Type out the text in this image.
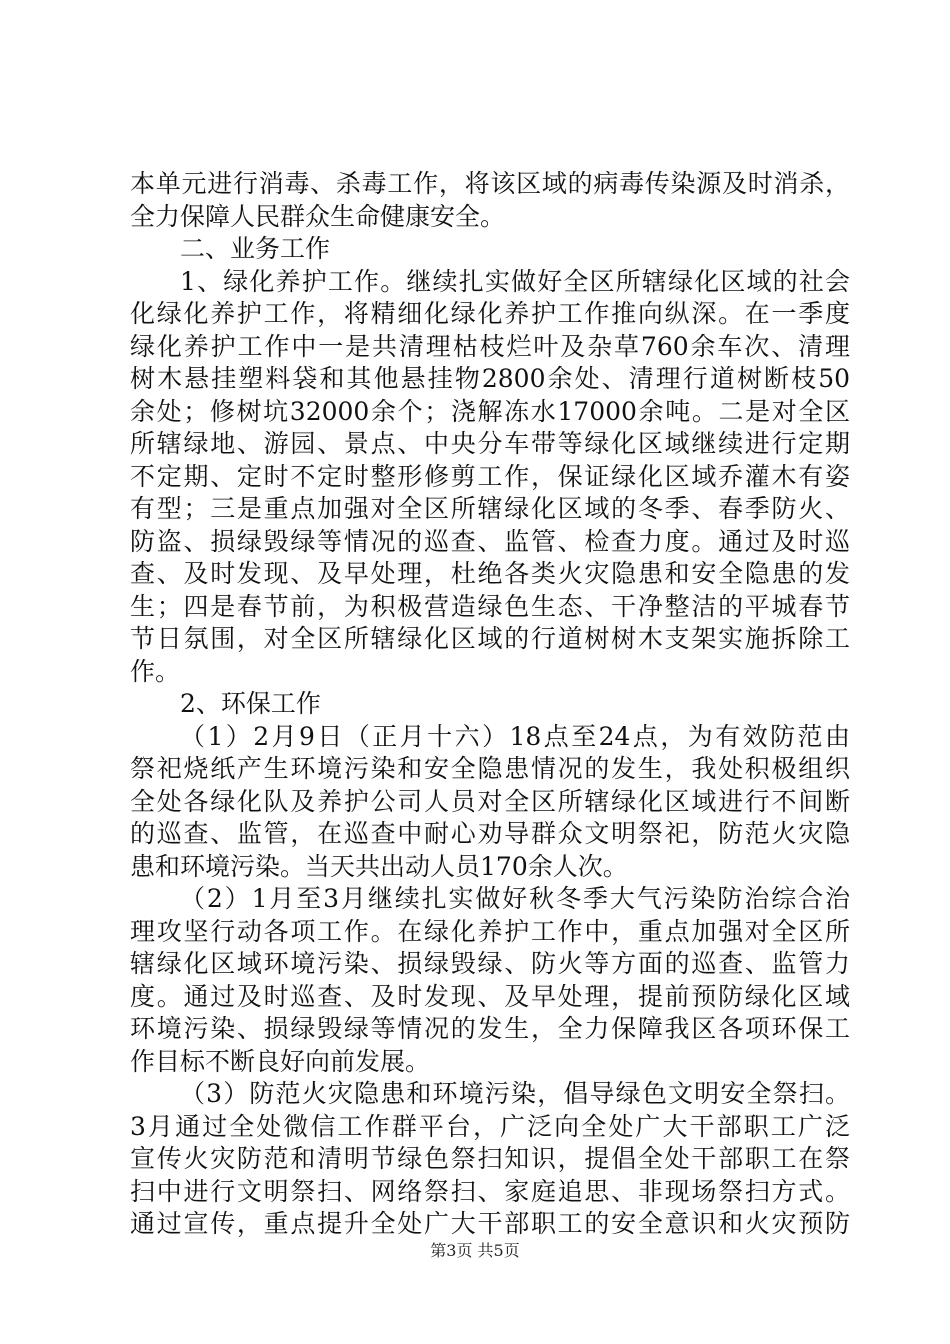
本单元进行消毒、杀毒工作，将该区域的病毒传染源及时消杀，
全力保障人民群众生命健康安全。
二、业务工作
1、绿化养护工作。继续扎实做好全区所辖绿化区域的社会
化绿化养护工作，将精细化绿化养护工作推向纵深。在一季度
绿化养护工作中一是共清理枯枝烂叶及杂草760余车次、清理
树木悬挂塑料袋和其他悬挂物2800余处、清理行道树断枝50
余处；修树坑32000余个；浇解冻水17000余吨。二是对全区
所辖绿地、游园、景点、中央分车带等绿化区域继续进行定期
不定期、定时不定时整形修剪工作，保证绿化区域乔灌木有姿
有型；三是重点加强对全区所辖绿化区域的冬季、春季防火、
防盗、损绿毁绿等情况的巡查、监管、检查力度。通过及时巡
查、及时发现、及早处理，杜绝各类火灾隐患和安全隐患的发
生；四是春节前，为积极营造绿色生态、干净整洁的平城春节
节日氛围，对全区所辖绿化区域的行道树树木支架实施拆除工
作。
2、环保工作
（1）2月9日（正月十六）18点至24点，为有效防范由
祭祀烧纸产生环境污染和安全隐患情况的发生，我处积极组织
全处各绿化队及养护公司人员对全区所辖绿化区域进行不间断
的巡查、监管，在巡查中耐心劝导群众文明祭祀，防范火灾隐
患和环境污染。当天共出动人员170余人次。
（2）1月至3月继续扎实做好秋冬季大气污染防治综合治
理攻坚行动各项工作。在绿化养护工作中，重点加强对全区所
辖绿化区域环境污染、损绿毁绿、防火等方面的巡查、监管力
度。通过及时巡查、及时发现、及早处理，提前预防绿化区域
环境污染、损绿毁绿等情况的发生，全力保障我区各项环保工
作目标不断良好向前发展。
（3）防范火灾隐患和环境污染，倡导绿色文明安全祭扫。
3月通过全处微信工作群平台，广泛向全处广大干部职工广泛
宣传火灾防范和清明节绿色祭扫知识，提倡全处干部职工在祭
扫中进行文明祭扫、网络祭扫、家庭追思、非现场祭扫方式。
通过宣传，重点提升全处广大干部职工的安全意识和火灾预防
第3页 共5页
